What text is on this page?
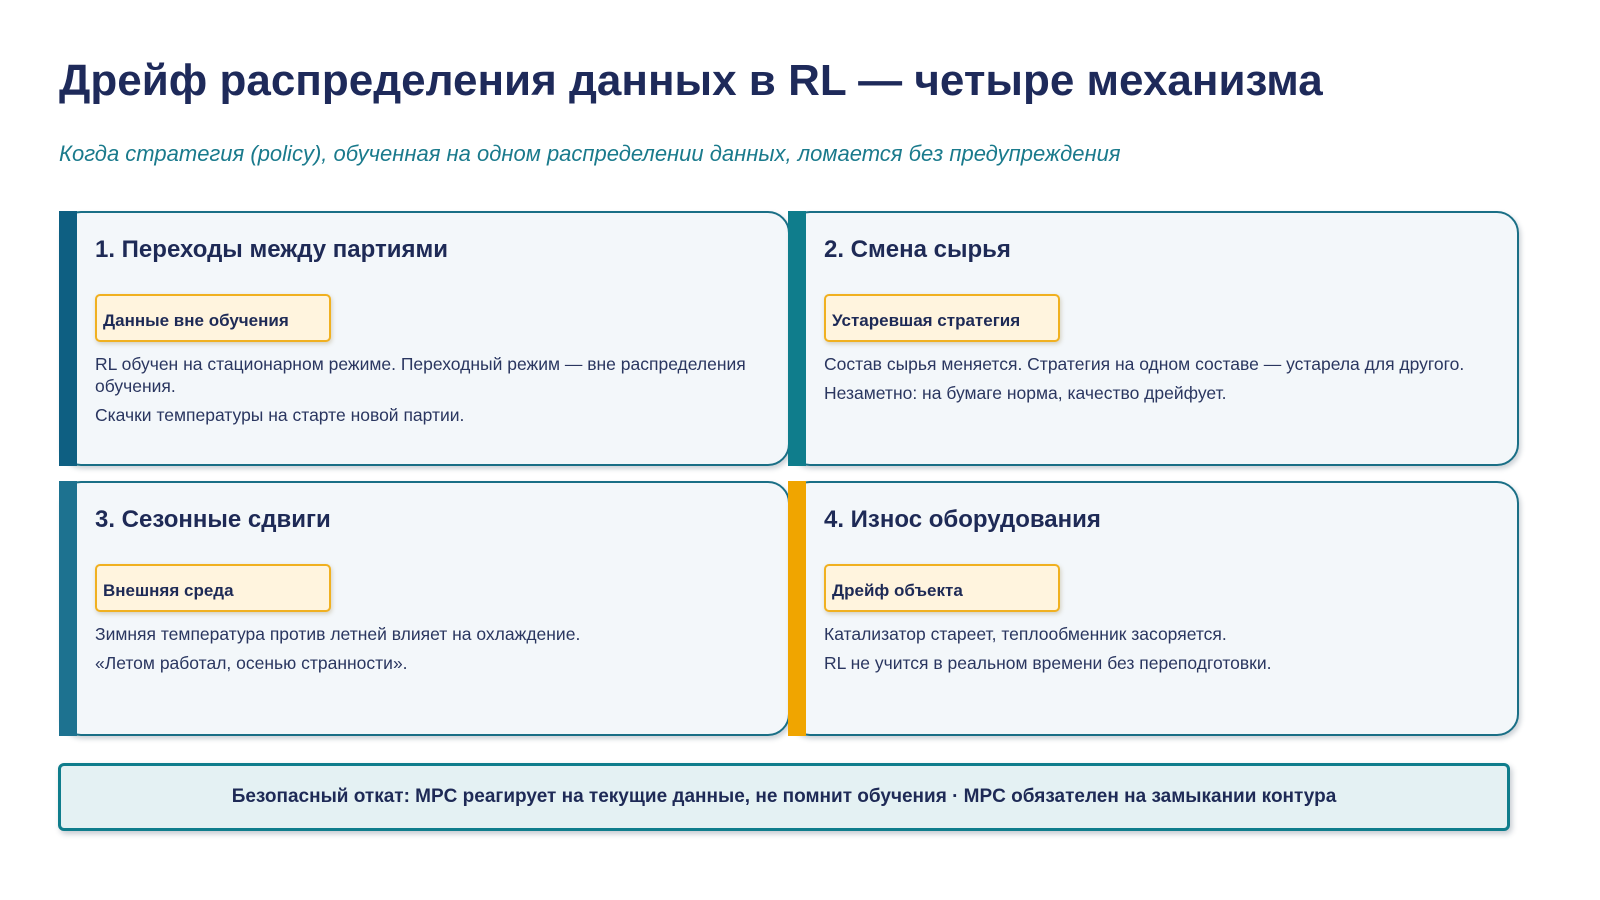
Дрейф распределения данных в RL — четыре механизма

Когда стратегия (policy), обученная на одном распределении данных, ломается без предупреждения

1. Переходы между партиями
Данные вне обучения

RL обучен на стационарном режиме. Переходный режим — вне распределения обучения.

Скачки температуры на старте новой партии.

2. Смена сырья
Устаревшая стратегия

Состав сырья меняется. Стратегия на одном составе — устарела для другого.

Незаметно: на бумаге норма, качество дрейфует.

3. Сезонные сдвиги
Внешняя среда

Зимняя температура против летней влияет на охлаждение.

«Летом работал, осенью странности».

4. Износ оборудования
Дрейф объекта

Катализатор стареет, теплообменник засоряется.

RL не учится в реальном времени без переподготовки.

Безопасный откат: MPC реагирует на текущие данные, не помнит обучения · MPC обязателен на замыкании контура
